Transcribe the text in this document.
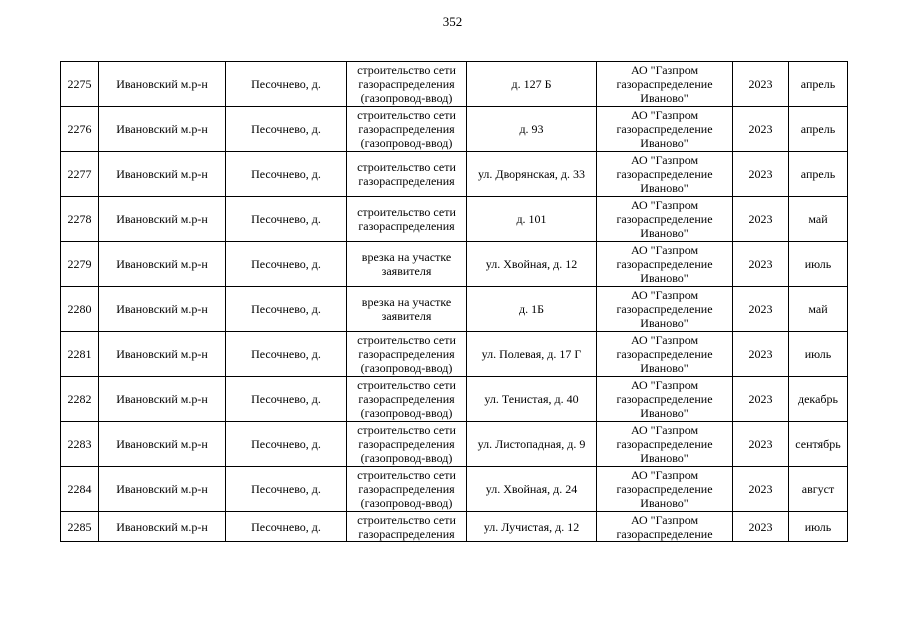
352
2275	Ивановский м.р-н	Песочнево, д.	строительство сети газораспределения (газопровод-ввод)	д. 127 Б	АО "Газпром газораспределение Иваново"	2023	апрель
2276	Ивановский м.р-н	Песочнево, д.	строительство сети газораспределения (газопровод-ввод)	д. 93	АО "Газпром газораспределение Иваново"	2023	апрель
2277	Ивановский м.р-н	Песочнево, д.	строительство сети газораспределения	ул. Дворянская, д. 33	АО "Газпром газораспределение Иваново"	2023	апрель
2278	Ивановский м.р-н	Песочнево, д.	строительство сети газораспределения	д. 101	АО "Газпром газораспределение Иваново"	2023	май
2279	Ивановский м.р-н	Песочнево, д.	врезка на участке заявителя	ул. Хвойная, д. 12	АО "Газпром газораспределение Иваново"	2023	июль
2280	Ивановский м.р-н	Песочнево, д.	врезка на участке заявителя	д. 1Б	АО "Газпром газораспределение Иваново"	2023	май
2281	Ивановский м.р-н	Песочнево, д.	строительство сети газораспределения (газопровод-ввод)	ул. Полевая, д. 17 Г	АО "Газпром газораспределение Иваново"	2023	июль
2282	Ивановский м.р-н	Песочнево, д.	строительство сети газораспределения (газопровод-ввод)	ул. Тенистая, д. 40	АО "Газпром газораспределение Иваново"	2023	декабрь
2283	Ивановский м.р-н	Песочнево, д.	строительство сети газораспределения (газопровод-ввод)	ул. Листопадная, д. 9	АО "Газпром газораспределение Иваново"	2023	сентябрь
2284	Ивановский м.р-н	Песочнево, д.	строительство сети газораспределения (газопровод-ввод)	ул. Хвойная, д. 24	АО "Газпром газораспределение Иваново"	2023	август
2285	Ивановский м.р-н	Песочнево, д.	строительство сети газораспределения	ул. Лучистая, д. 12	АО "Газпром газораспределение	2023	июль
